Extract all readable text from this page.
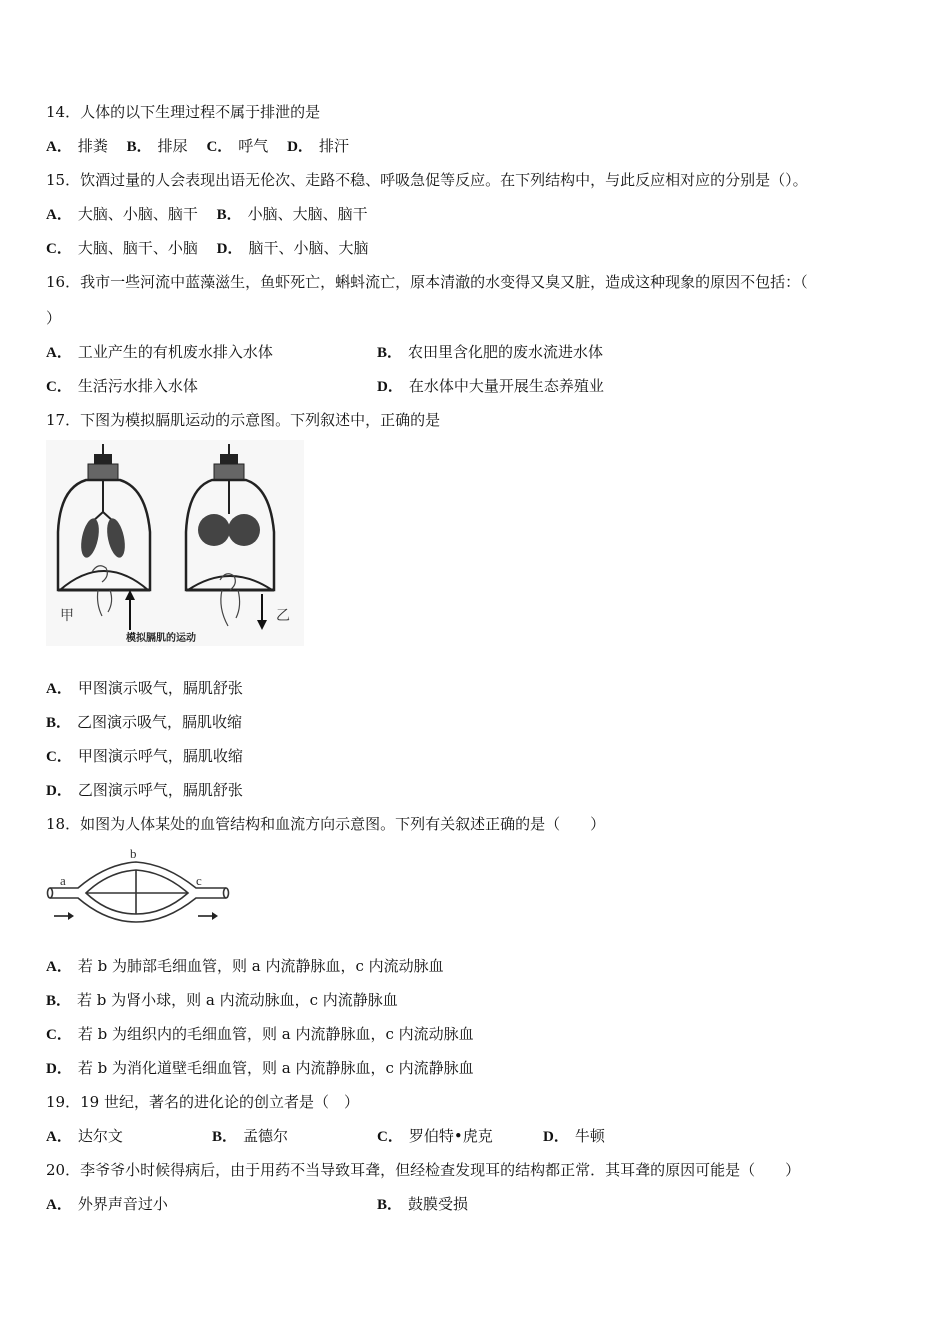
14．人体的以下生理过程不属于排泄的是
A． 排粪 B． 排尿 C． 呼气 D． 排汗
15．饮酒过量的人会表现出语无伦次、走路不稳、呼吸急促等反应。在下列结构中，与此反应相对应的分别是（）。
A． 大脑、小脑、脑干 B． 小脑、大脑、脑干
C． 大脑、脑干、小脑 D． 脑干、小脑、大脑
16．我市一些河流中蓝藻滋生，鱼虾死亡，蝌蚪流亡，原本清澈的水变得又臭又脏，造成这种现象的原因不包括：（
）
A． 工业产生的有机废水排入水体	B． 农田里含化肥的废水流进水体
C． 生活污水排入水体	D． 在水体中大量开展生态养殖业
17．下图为模拟膈肌运动的示意图。下列叙述中，正确的是
甲	乙
模拟膈肌的运动
A． 甲图演示吸气，膈肌舒张
B． 乙图演示吸气，膈肌收缩
C． 甲图演示呼气，膈肌收缩
D． 乙图演示呼气，膈肌舒张
18．如图为人体某处的血管结构和血流方向示意图。下列有关叙述正确的是（　　）
a
b
c
A． 若 b 为肺部毛细血管，则 a 内流静脉血，c 内流动脉血
B． 若 b 为肾小球，则 a 内流动脉血，c 内流静脉血
C． 若 b 为组织内的毛细血管，则 a 内流静脉血，c 内流动脉血
D． 若 b 为消化道壁毛细血管，则 a 内流静脉血，c 内流静脉血
19．19 世纪，著名的进化论的创立者是（　）
A． 达尔文	B． 孟德尔	C． 罗伯特•虎克	D． 牛顿
20．李爷爷小时候得病后，由于用药不当导致耳聋，但经检查发现耳的结构都正常．其耳聋的原因可能是（　　）
A． 外界声音过小	B． 鼓膜受损
